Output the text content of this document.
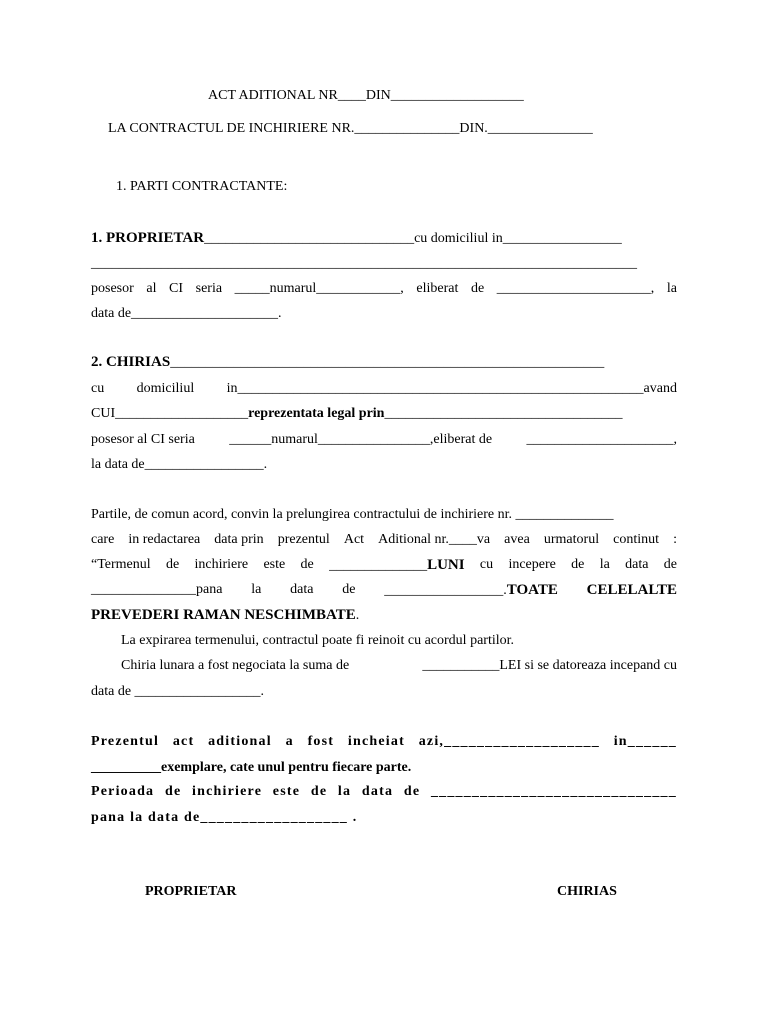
ACT ADITIONAL NR____DIN___________________
LA CONTRACTUL DE INCHIRIERE NR._______________DIN._______________
1. PARTI CONTRACTANTE:
1. PROPRIETAR______________________________cu domiciliul in_________________
______________________________________________________________________________
posesor al CI seria _____numarul____________, eliberat de ______________________, la
data de_____________________.
2. CHIRIAS______________________________________________________________
cu domiciliul in__________________________________________________________avand
CUI___________________reprezentata legal prin__________________________________
posesor al CI seria ______numarul________________,eliberat de _____________________,
la data de_________________.
Partile, de comun acord, convin la prelungirea contractului de inchiriere nr. ______________
care in redactarea data prin prezentul Act Aditional nr.____va avea urmatorul continut :
“Termenul de inchiriere este de ______________LUNI cu incepere de la data de
_______________pana la data de _________________.TOATE CELELALTE
PREVEDERI RAMAN NESCHIMBATE.
La expirarea termenului, contractul poate fi reinoit cu acordul partilor.
Chiria lunara a fost negociata la suma de	___________LEI si se datoreaza incepand cu
data de __________________.
Prezentul act aditional a fost incheiat azi,___________________ in______
__________exemplare, cate unul pentru fiecare parte.
Perioada de inchiriere este de la data de ______________________________
pana la data de__________________ .
PROPRIETAR	CHIRIAS
